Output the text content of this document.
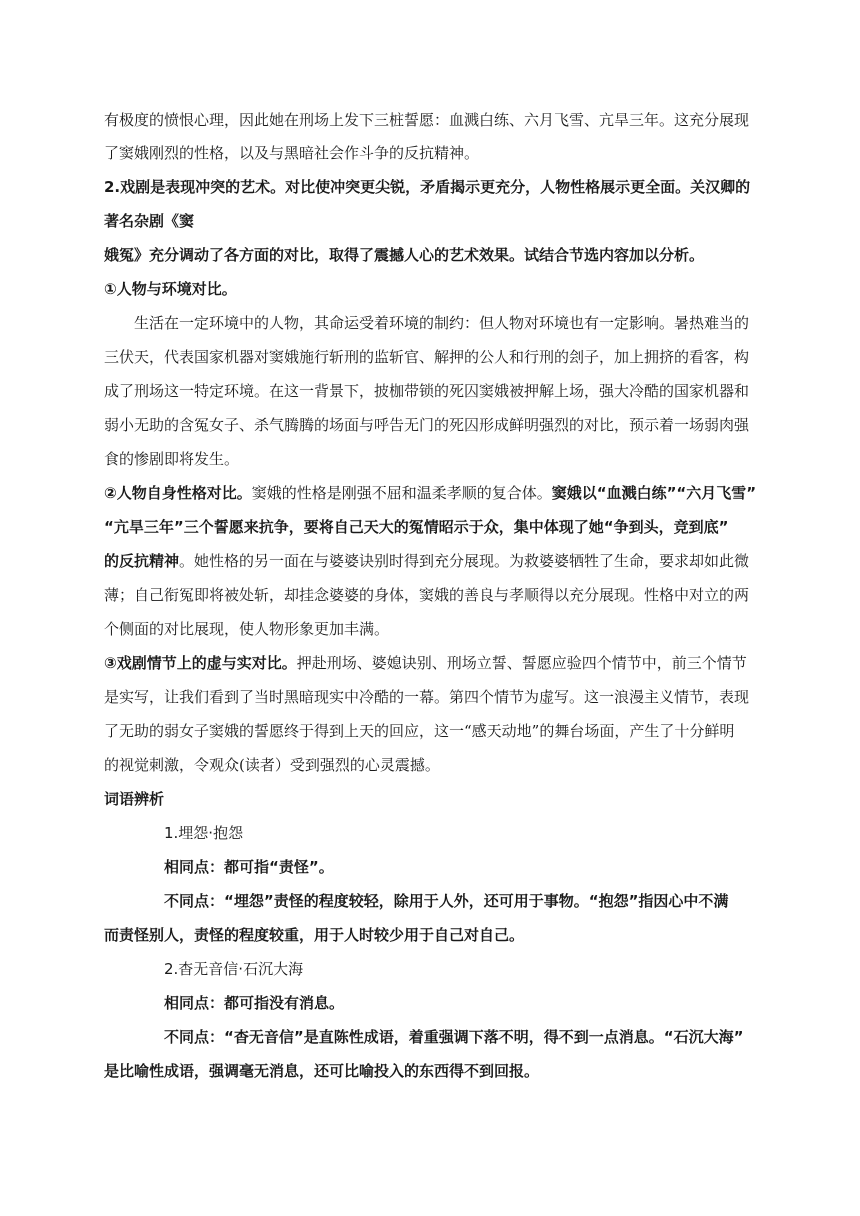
有极度的愤恨心理，因此她在刑场上发下三桩誓愿：血溅白练、六月飞雪、亢旱三年。这充分展现
了窦娥刚烈的性格，以及与黑暗社会作斗争的反抗精神。
2.戏剧是表现冲突的艺术。对比使冲突更尖锐，矛盾揭示更充分，人物性格展示更全面。关汉卿的
著名杂剧《窦
娥冤》充分调动了各方面的对比，取得了震撼人心的艺术效果。试结合节选内容加以分析。
①人物与环境对比。
生活在一定环境中的人物，其命运受着环境的制约：但人物对环境也有一定影响。暑热难当的
三伏天，代表国家机器对窦娥施行斩刑的监斩官、解押的公人和行刑的刽子，加上拥挤的看客，构
成了刑场这一特定环境。在这一背景下，披枷带锁的死囚窦娥被押解上场，强大冷酷的国家机器和
弱小无助的含冤女子、杀气腾腾的场面与呼告无门的死囚形成鲜明强烈的对比，预示着一场弱肉强
食的惨剧即将发生。
②人物自身性格对比。窦娥的性格是刚强不屈和温柔孝顺的复合体。窦娥以“血溅白练”“六月飞雪”
“亢旱三年”三个誓愿来抗争，要将自己天大的冤情昭示于众，集中体现了她“争到头，竞到底”
的反抗精神。她性格的另一面在与婆婆诀别时得到充分展现。为救婆婆牺牲了生命，要求却如此微
薄；自己衔冤即将被处斩，却挂念婆婆的身体，窦娥的善良与孝顺得以充分展现。性格中对立的两
个侧面的对比展现，使人物形象更加丰满。
③戏剧情节上的虚与实对比。押赴刑场、婆媳诀别、刑场立誓、誓愿应验四个情节中，前三个情节
是实写，让我们看到了当时黑暗现实中冷酷的一幕。第四个情节为虚写。这一浪漫主义情节，表现
了无助的弱女子窦娥的誓愿终于得到上天的回应，这一“感天动地”的舞台场面，产生了十分鲜明
的视觉刺激，令观众(读者）受到强烈的心灵震撼。
词语辨析
1.埋怨·抱怨
相同点：都可指“责怪”。
不同点：“埋怨”责怪的程度较轻，除用于人外，还可用于事物。“抱怨”指因心中不满
而责怪别人，责怪的程度较重，用于人时较少用于自己对自己。
2.杳无音信·石沉大海
相同点：都可指没有消息。
不同点：“杳无音信”是直陈性成语，着重强调下落不明，得不到一点消息。“石沉大海”
是比喻性成语，强调毫无消息，还可比喻投入的东西得不到回报。
